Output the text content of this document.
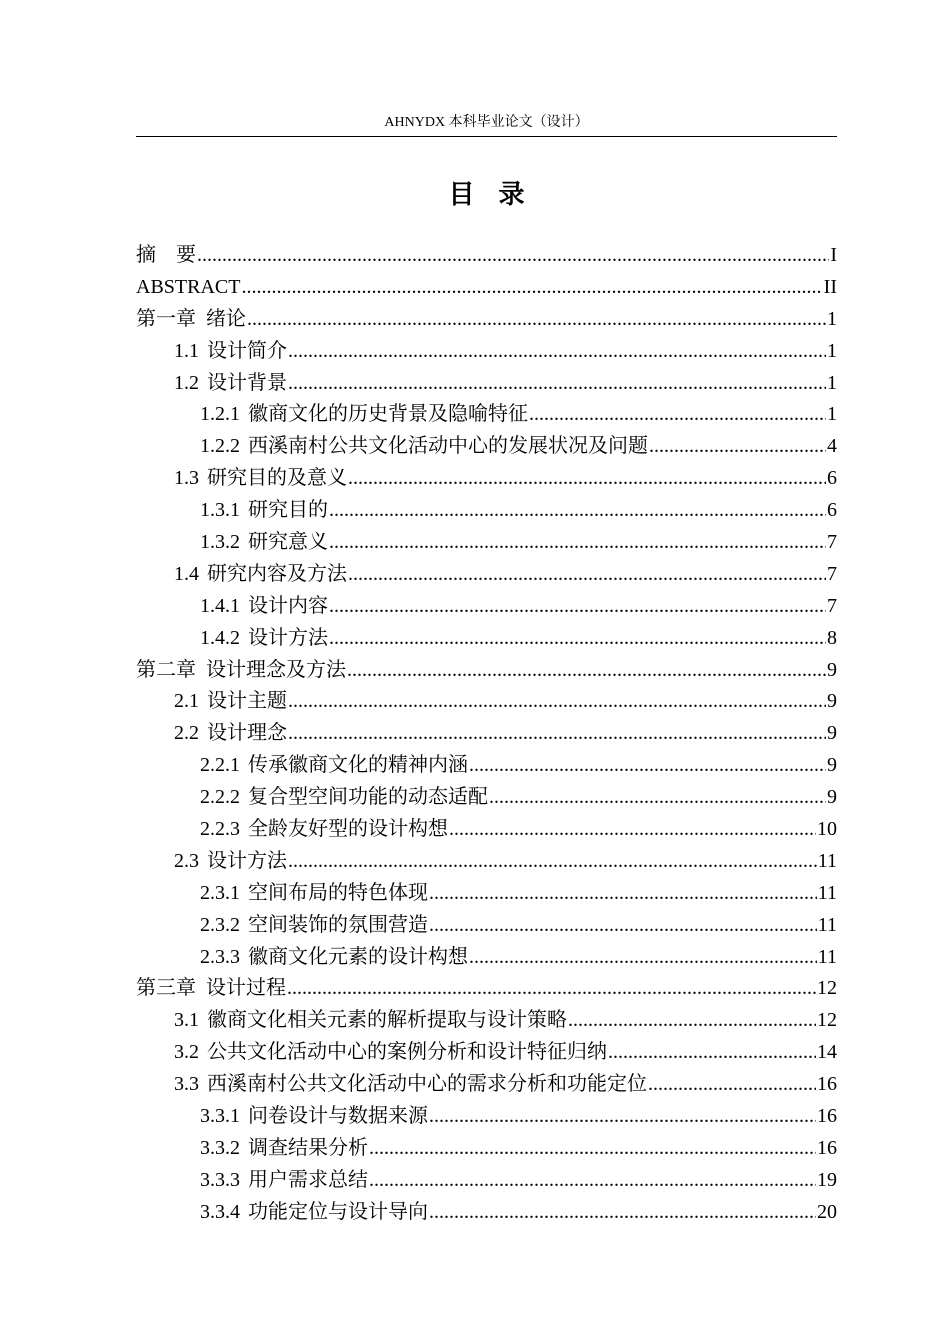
AHNYDX 本科毕业论文（设计）
目录
摘　要 .....	I
ABSTRACT .....	II
第一章 绪论 .....	1
1.1 设计简介 .....	1
1.2 设计背景 .....	1
1.2.1 徽商文化的历史背景及隐喻特征 .....	1
1.2.2 西溪南村公共文化活动中心的发展状况及问题 .....	4
1.3 研究目的及意义 .....	6
1.3.1 研究目的 .....	6
1.3.2 研究意义 .....	7
1.4 研究内容及方法 .....	7
1.4.1 设计内容 .....	7
1.4.2 设计方法 .....	8
第二章 设计理念及方法 .....	9
2.1 设计主题 .....	9
2.2 设计理念 .....	9
2.2.1 传承徽商文化的精神内涵 .....	9
2.2.2 复合型空间功能的动态适配 .....	9
2.2.3 全龄友好型的设计构想 .....	10
2.3 设计方法 .....	11
2.3.1 空间布局的特色体现 .....	11
2.3.2 空间装饰的氛围营造 .....	11
2.3.3 徽商文化元素的设计构想 .....	11
第三章 设计过程 .....	12
3.1 徽商文化相关元素的解析提取与设计策略 .....	12
3.2 公共文化活动中心的案例分析和设计特征归纳 .....	14
3.3 西溪南村公共文化活动中心的需求分析和功能定位 .....	16
3.3.1 问卷设计与数据来源 .....	16
3.3.2 调查结果分析 .....	16
3.3.3 用户需求总结 .....	19
3.3.4 功能定位与设计导向 .....	20
